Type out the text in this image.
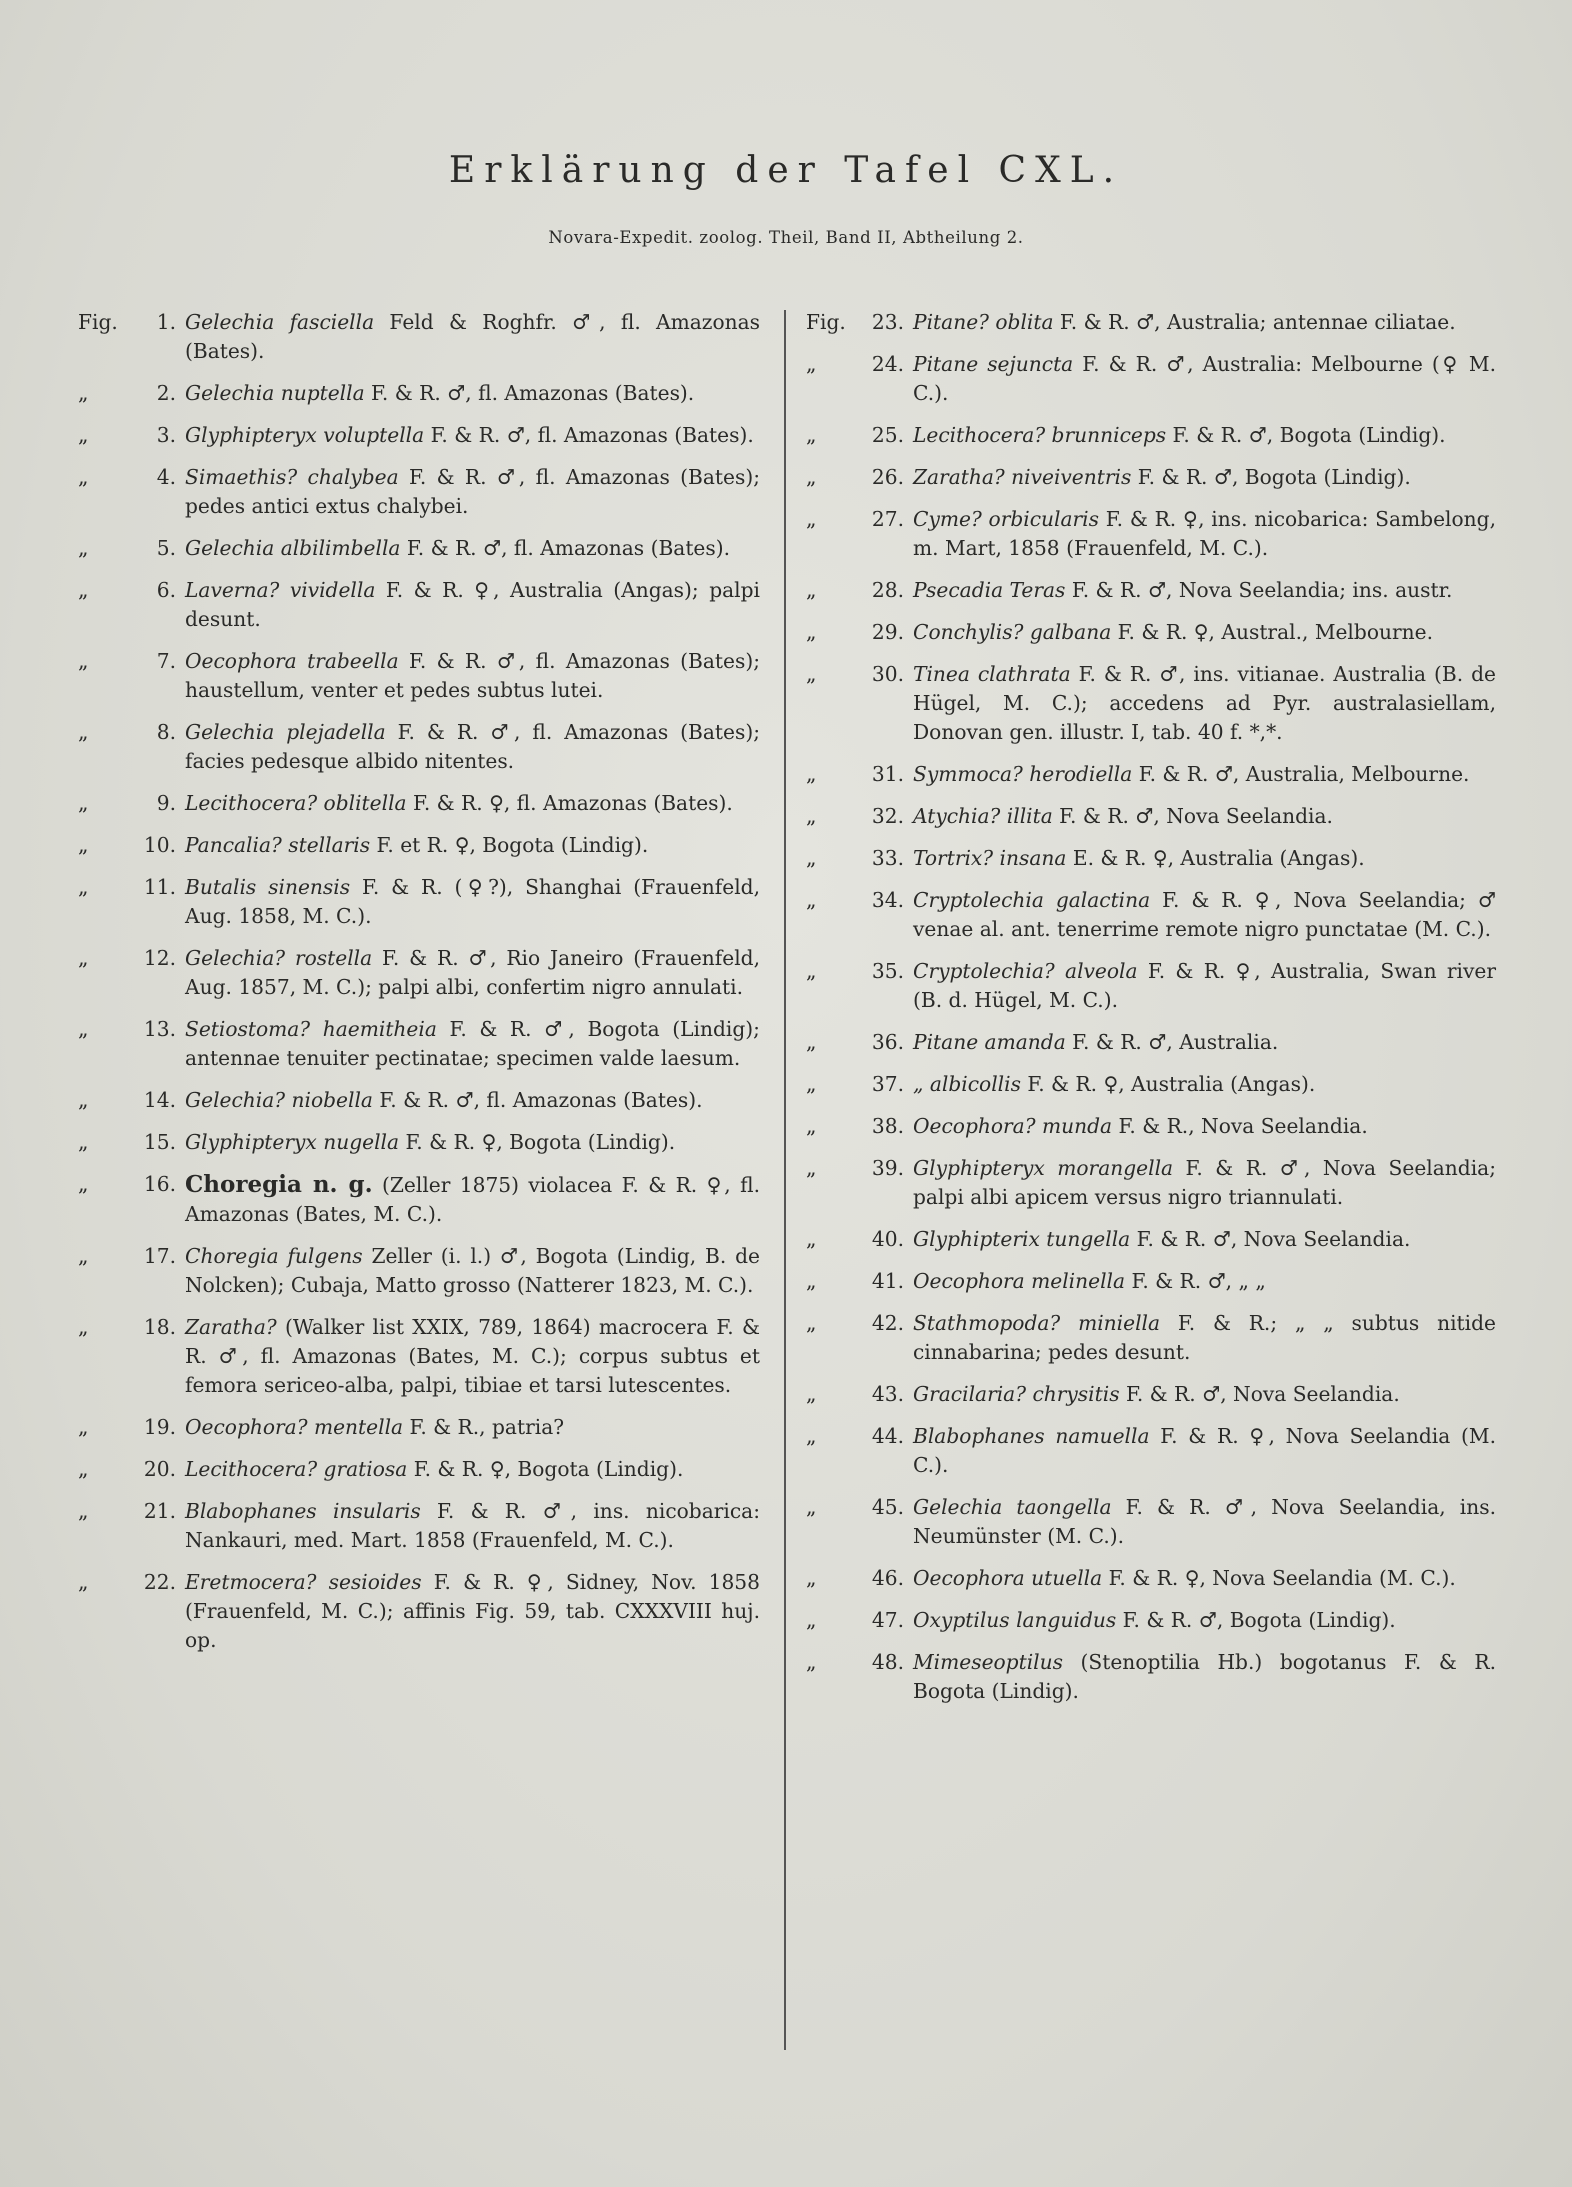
Erklärung der Tafel CXL.
Novara-Expedit. zoolog. Theil, Band II, Abtheilung 2.
Fig.	1. Gelechia fasciella Feld & Roghfr. ♂, fl. Amazonas (Bates).
„	2. Gelechia nuptella F. & R. ♂, fl. Amazonas (Bates).
„	3. Glyphipteryx voluptella F. & R. ♂, fl. Amazonas (Bates).
„	4. Simaethis? chalybea F. & R. ♂, fl. Amazonas (Bates); pedes antici extus chalybei.
„	5. Gelechia albilimbella F. & R. ♂, fl. Amazonas (Bates).
„	6. Laverna? vividella F. & R. ♀, Australia (Angas); palpi desunt.
„	7. Oecophora trabeella F. & R. ♂, fl. Amazonas (Bates); haustellum, venter et pedes subtus lutei.
„	8. Gelechia plejadella F. & R. ♂, fl. Amazonas (Bates); facies pedesque albido nitentes.
„	9. Lecithocera? oblitella F. & R. ♀, fl. Amazonas (Bates).
„	10. Pancalia? stellaris F. et R. ♀, Bogota (Lindig).
„	11. Butalis sinensis F. & R. (♀?), Shanghai (Frauenfeld, Aug. 1858, M. C.).
„	12. Gelechia? rostella F. & R. ♂, Rio Janeiro (Frauenfeld, Aug. 1857, M. C.); palpi albi, confertim nigro annulati.
„	13. Setiostoma? haemitheia F. & R. ♂, Bogota (Lindig); antennae tenuiter pectinatae; specimen valde laesum.
„	14. Gelechia? niobella F. & R. ♂, fl. Amazonas (Bates).
„	15. Glyphipteryx nugella F. & R. ♀, Bogota (Lindig).
„	16. Choregia n. g. (Zeller 1875) violacea F. & R. ♀, fl. Amazonas (Bates, M. C.).
„	17. Choregia fulgens Zeller (i. l.) ♂, Bogota (Lindig, B. de Nolcken); Cubaja, Matto grosso (Natterer 1823, M. C.).
„	18. Zaratha? (Walker list XXIX, 789, 1864) macrocera F. & R. ♂, fl. Amazonas (Bates, M. C.); corpus subtus et femora sericeo-alba, palpi, tibiae et tarsi lutescentes.
„	19. Oecophora? mentella F. & R., patria?
„	20. Lecithocera? gratiosa F. & R. ♀, Bogota (Lindig).
„	21. Blabophanes insularis F. & R. ♂, ins. nicobarica: Nankauri, med. Mart. 1858 (Frauenfeld, M. C.).
„	22. Eretmocera? sesioides F. & R. ♀, Sidney, Nov. 1858 (Frauenfeld, M. C.); affinis Fig. 59, tab. CXXXVIII huj. op.
Fig.	23. Pitane? oblita F. & R. ♂, Australia; antennae ciliatae.
„	24. Pitane sejuncta F. & R. ♂, Australia: Melbourne (♀ M. C.).
„	25. Lecithocera? brunniceps F. & R. ♂, Bogota (Lindig).
„	26. Zaratha? niveiventris F. & R. ♂, Bogota (Lindig).
„	27. Cyme? orbicularis F. & R. ♀, ins. nicobarica: Sambelong, m. Mart, 1858 (Frauenfeld, M. C.).
„	28. Psecadia Teras F. & R. ♂, Nova Seelandia; ins. austr.
„	29. Conchylis? galbana F. & R. ♀, Austral., Melbourne.
„	30. Tinea clathrata F. & R. ♂, ins. vitianae. Australia (B. de Hügel, M. C.); accedens ad Pyr. australasiellam, Donovan gen. illustr. I, tab. 40 f. *,*.
„	31. Symmoca? herodiella F. & R. ♂, Australia, Melbourne.
„	32. Atychia? illita F. & R. ♂, Nova Seelandia.
„	33. Tortrix? insana E. & R. ♀, Australia (Angas).
„	34. Cryptolechia galactina F. & R. ♀, Nova Seelandia; ♂ venae al. ant. tenerrime remote nigro punctatae (M. C.).
„	35. Cryptolechia? alveola F. & R. ♀, Australia, Swan river (B. d. Hügel, M. C.).
„	36. Pitane amanda F. & R. ♂, Australia.
„	37. „ albicollis F. & R. ♀, Australia (Angas).
„	38. Oecophora? munda F. & R., Nova Seelandia.
„	39. Glyphipteryx morangella F. & R. ♂, Nova Seelandia; palpi albi apicem versus nigro triannulati.
„	40. Glyphipterix tungella F. & R. ♂, Nova Seelandia.
„	41. Oecophora melinella F. & R. ♂, „ „
„	42. Stathmopoda? miniella F. & R.; „ „ subtus nitide cinnabarina; pedes desunt.
„	43. Gracilaria? chrysitis F. & R. ♂, Nova Seelandia.
„	44. Blabophanes namuella F. & R. ♀, Nova Seelandia (M. C.).
„	45. Gelechia taongella F. & R. ♂, Nova Seelandia, ins. Neumünster (M. C.).
„	46. Oecophora utuella F. & R. ♀, Nova Seelandia (M. C.).
„	47. Oxyptilus languidus F. & R. ♂, Bogota (Lindig).
„	48. Mimeseoptilus (Stenoptilia Hb.) bogotanus F. & R. Bogota (Lindig).
